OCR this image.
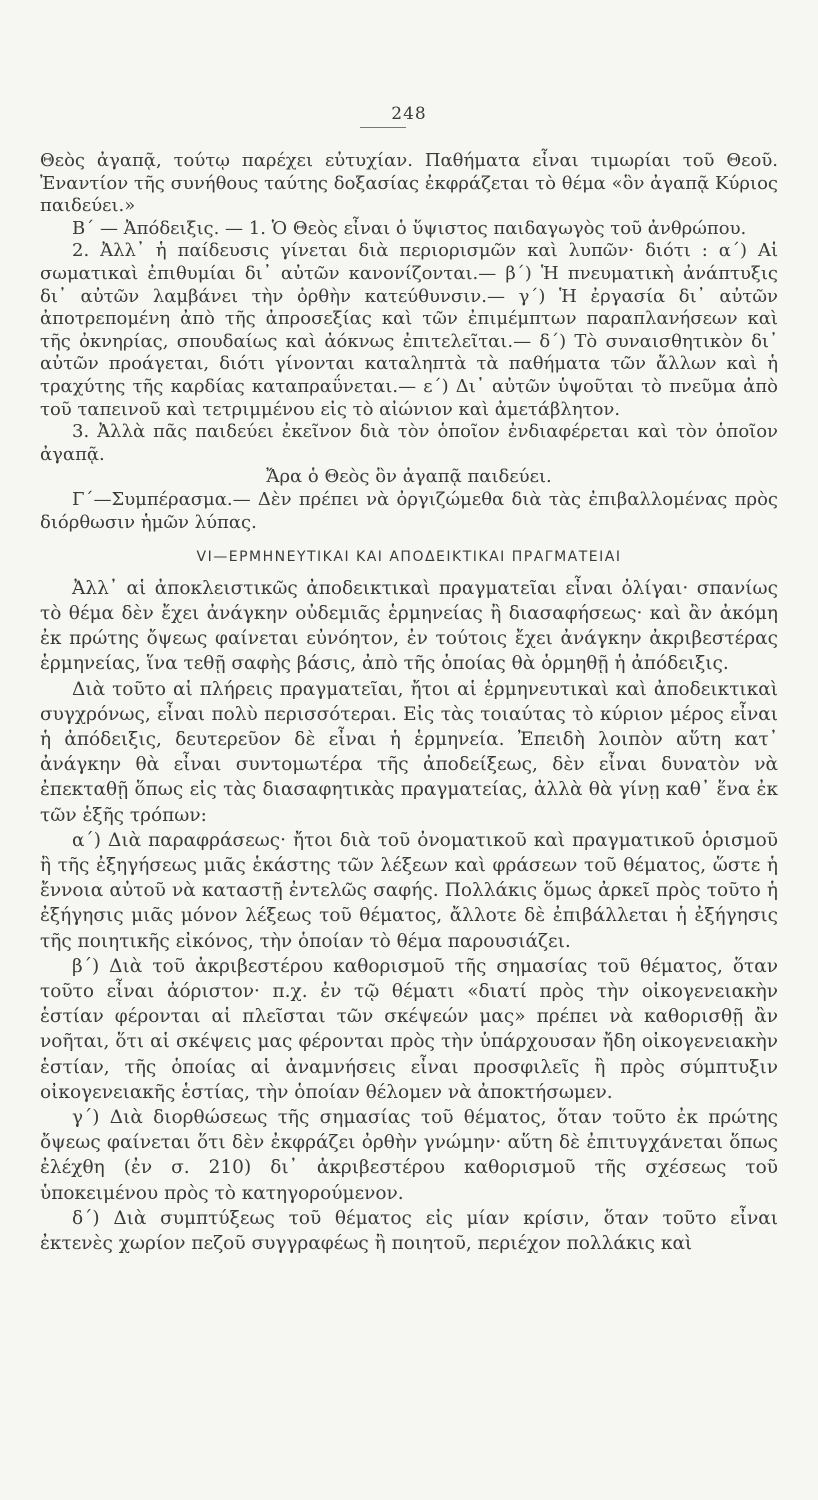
248

Θεὸς ἀγαπᾷ, τούτῳ παρέχει εὐτυχίαν. Παθήματα εἶναι τιμωρίαι τοῦ Θεοῦ. Ἐναντίον τῆς συνήθους ταύτης δοξασίας ἐκφράζεται τὸ θέμα «ὃν ἀγαπᾷ Κύριος παιδεύει.»

Β΄ — Ἀπόδειξις. — 1. Ὁ Θεὸς εἶναι ὁ ὕψιστος παιδαγωγὸς τοῦ ἀνθρώπου.

2. Ἀλλ᾽ ἡ παίδευσις γίνεται διὰ περιορισμῶν καὶ λυπῶν· διότι : α΄) Αἱ σωματικαὶ ἐπιθυμίαι δι᾽ αὐτῶν κανονίζονται.— β΄) Ἡ πνευματικὴ ἀνάπτυξις δι᾽ αὐτῶν λαμβάνει τὴν ὀρθὴν κατεύθυνσιν.— γ΄) Ἡ ἐργασία δι᾽ αὐτῶν ἀποτρεπομένη ἀπὸ τῆς ἀπροσεξίας καὶ τῶν ἐπιμέμπτων παραπλανήσεων καὶ τῆς ὀκνηρίας, σπουδαίως καὶ ἀόκνως ἐπιτελεῖται.— δ΄) Τὸ συναισθητικὸν δι᾽ αὐτῶν προάγεται, διότι γίνονται καταληπτὰ τὰ παθήματα τῶν ἄλλων καὶ ἡ τραχύτης τῆς καρδίας καταπραΰνεται.— ε΄) Δι᾽ αὐτῶν ὑψοῦται τὸ πνεῦμα ἀπὸ τοῦ ταπεινοῦ καὶ τετριμμένου εἰς τὸ αἰώνιον καὶ ἀμετάβλητον.

3. Ἀλλὰ πᾶς παιδεύει ἐκεῖνον διὰ τὸν ὁποῖον ἐνδιαφέρεται καὶ τὸν ὁποῖον ἀγαπᾷ.

Ἄρα ὁ Θεὸς ὃν ἀγαπᾷ παιδεύει.

Γ΄—Συμπέρασμα.— Δὲν πρέπει νὰ ὀργιζώμεθα διὰ τὰς ἐπιβαλλομένας πρὸς διόρθωσιν ἡμῶν λύπας.

VI—ΕΡΜΗΝΕΥΤΙΚΑΙ ΚΑΙ ΑΠΟΔΕΙΚΤΙΚΑΙ ΠΡΑΓΜΑΤΕΙΑΙ

Ἀλλ᾽ αἱ ἀποκλειστικῶς ἀποδεικτικαὶ πραγματεῖαι εἶναι ὀλίγαι· σπανίως τὸ θέμα δὲν ἔχει ἀνάγκην οὐδεμιᾶς ἑρμηνείας ἢ διασαφήσεως· καὶ ἂν ἀκόμη ἐκ πρώτης ὄψεως φαίνεται εὐνόητον, ἐν τούτοις ἔχει ἀνάγκην ἀκριβεστέρας ἑρμηνείας, ἵνα τεθῇ σαφὴς βάσις, ἀπὸ τῆς ὁποίας θὰ ὁρμηθῇ ἡ ἀπόδειξις.

Διὰ τοῦτο αἱ πλήρεις πραγματεῖαι, ἤτοι αἱ ἑρμηνευτικαὶ καὶ ἀποδεικτικαὶ συγχρόνως, εἶναι πολὺ περισσότεραι. Εἰς τὰς τοιαύτας τὸ κύριον μέρος εἶναι ἡ ἀπόδειξις, δευτερεῦον δὲ εἶναι ἡ ἑρμηνεία. Ἐπειδὴ λοιπὸν αὕτη κατ᾽ ἀνάγκην θὰ εἶναι συντομωτέρα τῆς ἀποδείξεως, δὲν εἶναι δυνατὸν νὰ ἐπεκταθῇ ὅπως εἰς τὰς διασαφητικὰς πραγματείας, ἀλλὰ θὰ γίνῃ καθ᾽ ἕνα ἐκ τῶν ἑξῆς τρόπων:

α΄) Διὰ παραφράσεως· ἤτοι διὰ τοῦ ὀνοματικοῦ καὶ πραγματικοῦ ὁρισμοῦ ἢ τῆς ἐξηγήσεως μιᾶς ἑκάστης τῶν λέξεων καὶ φράσεων τοῦ θέματος, ὥστε ἡ ἔννοια αὐτοῦ νὰ καταστῇ ἐντελῶς σαφής. Πολλάκις ὅμως ἀρκεῖ πρὸς τοῦτο ἡ ἐξήγησις μιᾶς μόνον λέξεως τοῦ θέματος, ἄλλοτε δὲ ἐπιβάλλεται ἡ ἐξήγησις τῆς ποιητικῆς εἰκόνος, τὴν ὁποίαν τὸ θέμα παρουσιάζει.

β΄) Διὰ τοῦ ἀκριβεστέρου καθορισμοῦ τῆς σημασίας τοῦ θέματος, ὅταν τοῦτο εἶναι ἀόριστον· π.χ. ἐν τῷ θέματι «διατί πρὸς τὴν οἰκογενειακὴν ἑστίαν φέρονται αἱ πλεῖσται τῶν σκέψεών μας» πρέπει νὰ καθορισθῇ ἂν νοῆται, ὅτι αἱ σκέψεις μας φέρονται πρὸς τὴν ὑπάρχουσαν ἤδη οἰκογενειακὴν ἑστίαν, τῆς ὁποίας αἱ ἀναμνήσεις εἶναι προσφιλεῖς ἢ πρὸς σύμπτυξιν οἰκογενειακῆς ἑστίας, τὴν ὁποίαν θέλομεν νὰ ἀποκτήσωμεν.

γ΄) Διὰ διορθώσεως τῆς σημασίας τοῦ θέματος, ὅταν τοῦτο ἐκ πρώτης ὄψεως φαίνεται ὅτι δὲν ἐκφράζει ὀρθὴν γνώμην· αὕτη δὲ ἐπιτυγχάνεται ὅπως ἐλέχθη (ἐν σ. 210) δι᾽ ἀκριβεστέρου καθορισμοῦ τῆς σχέσεως τοῦ ὑποκειμένου πρὸς τὸ κατηγορούμενον.

δ΄) Διὰ συμπτύξεως τοῦ θέματος εἰς μίαν κρίσιν, ὅταν τοῦτο εἶναι ἐκτενὲς χωρίον πεζοῦ συγγραφέως ἢ ποιητοῦ, περιέχον πολλάκις καὶ
